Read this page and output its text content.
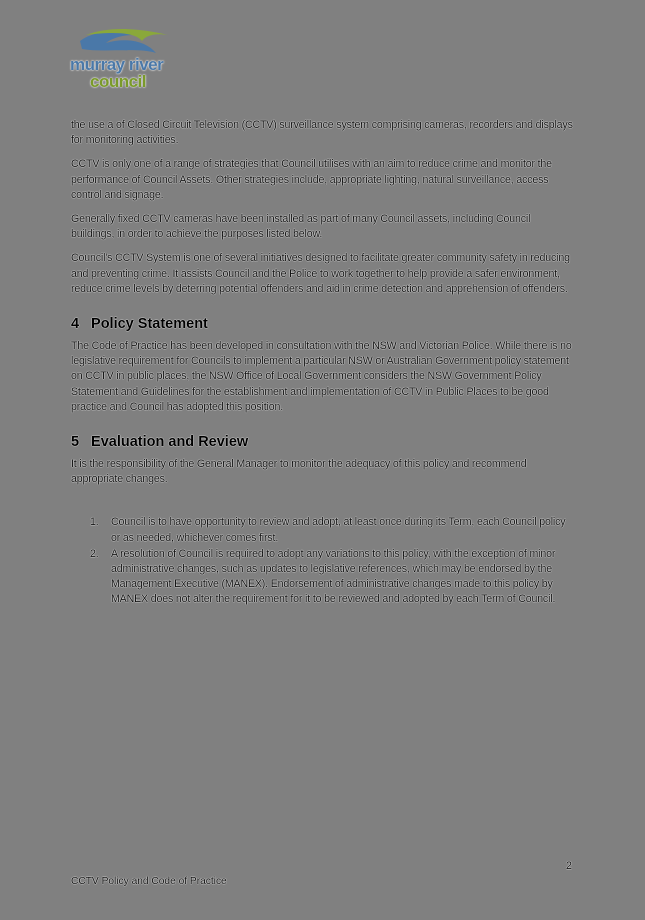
murray river
council

the use a of Closed Circuit Television (CCTV) surveillance system comprising cameras, recorders and displays for monitoring activities.

CCTV is only one of a range of strategies that Council utilises with an aim to reduce crime and monitor the performance of Council Assets. Other strategies include, appropriate lighting, natural surveillance, access control and signage.

Generally fixed CCTV cameras have been installed as part of many Council assets, including Council buildings, in order to achieve the purposes listed below.

Council's CCTV System is one of several initiatives designed to facilitate greater community safety in reducing and preventing crime. It assists Council and the Police to work together to help provide a safer environment, reduce crime levels by deterring potential offenders and aid in crime detection and apprehension of offenders.

4 Policy Statement

The Code of Practice has been developed in consultation with the NSW and Victorian Police. While there is no legislative requirement for Councils to implement a particular NSW or Australian Government policy statement on CCTV in public places, the NSW Office of Local Government considers the NSW Government Policy Statement and Guidelines for the establishment and implementation of CCTV in Public Places to be good practice and Council has adopted this position.

5 Evaluation and Review

It is the responsibility of the General Manager to monitor the adequacy of this policy and recommend appropriate changes.

1. Council is to have opportunity to review and adopt, at least once during its Term, each Council policy or as needed, whichever comes first.
2. A resolution of Council is required to adopt any variations to this policy, with the exception of minor administrative changes, such as updates to legislative references, which may be endorsed by the Management Executive (MANEX). Endorsement of administrative changes made to this policy by MANEX does not alter the requirement for it to be reviewed and adopted by each Term of Council.
2
CCTV Policy and Code of Practice
